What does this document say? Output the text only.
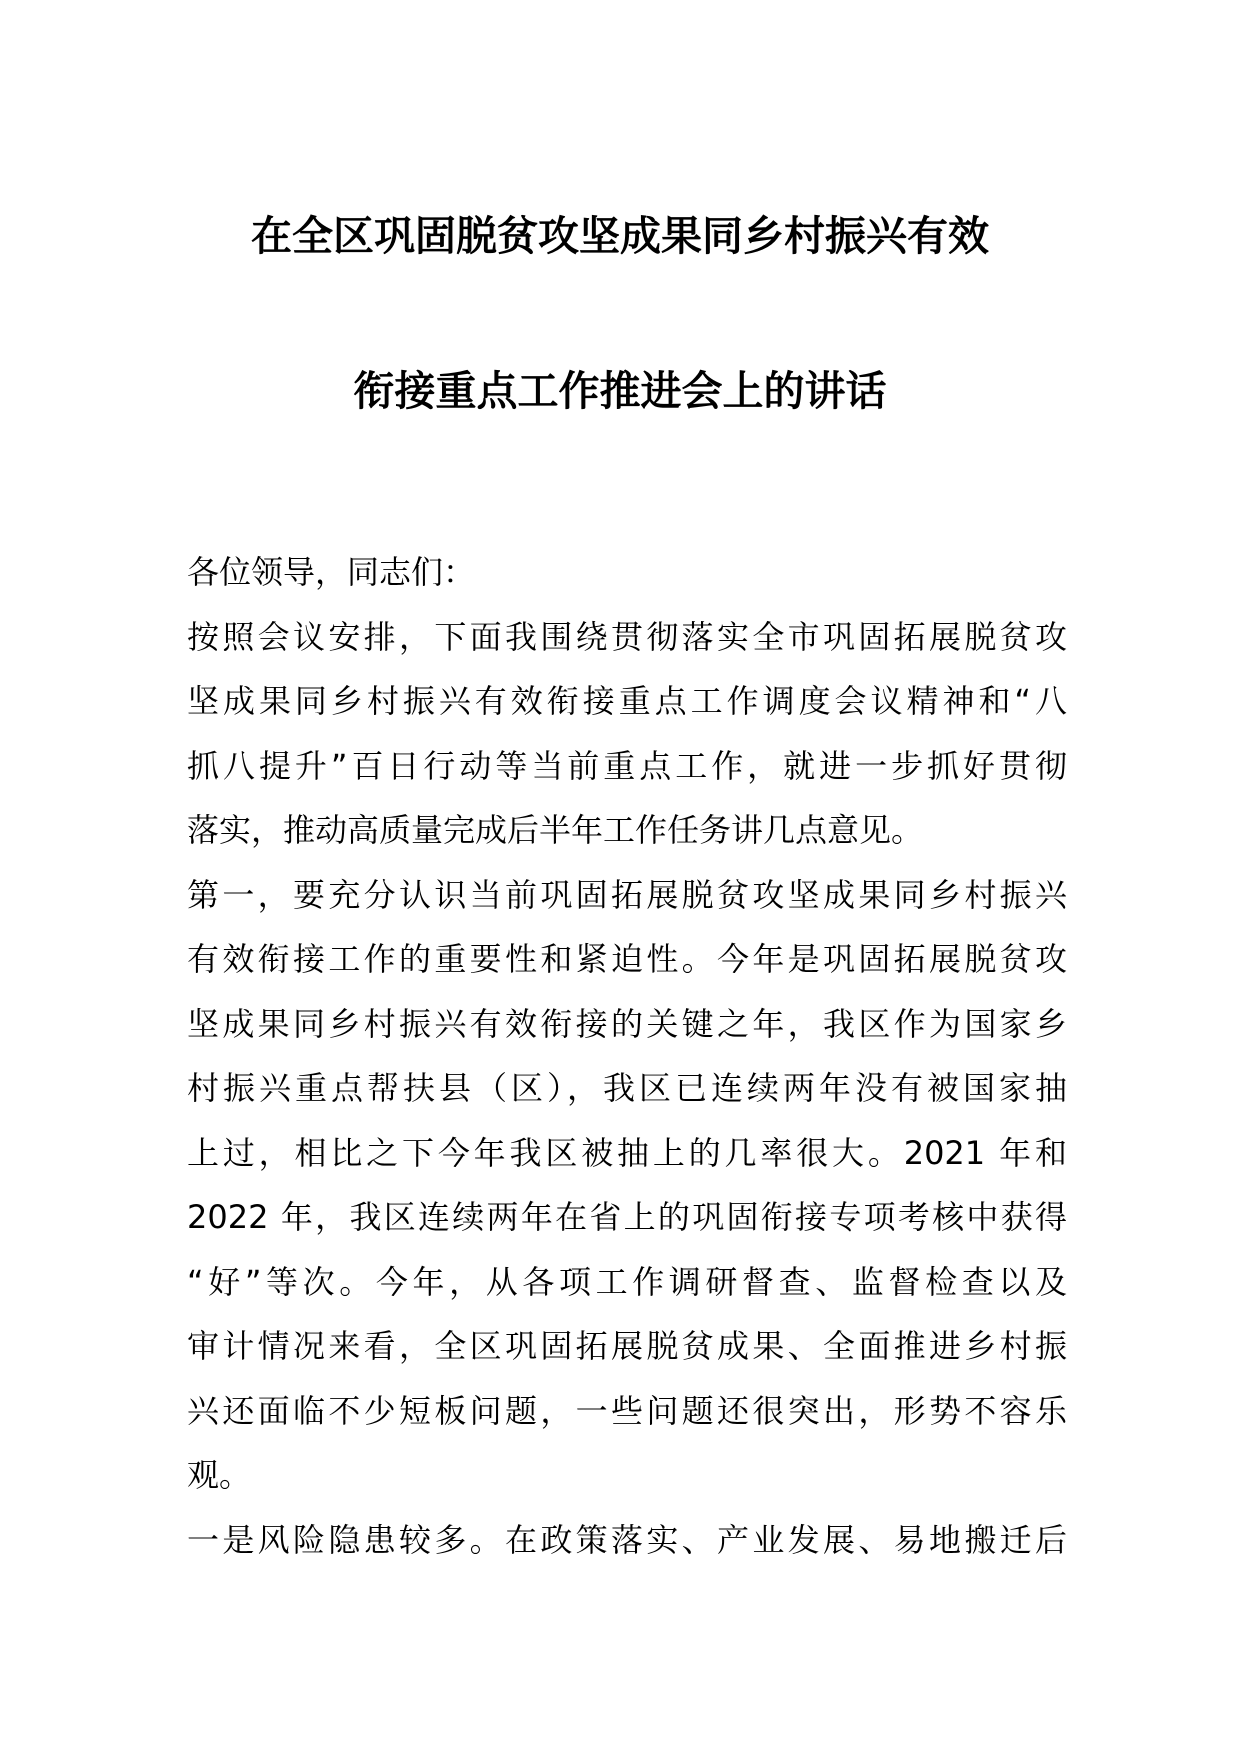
在全区巩固脱贫攻坚成果同乡村振兴有效
衔接重点工作推进会上的讲话
各位领导，同志们：
按照会议安排，下面我围绕贯彻落实全市巩固拓展脱贫攻
坚成果同乡村振兴有效衔接重点工作调度会议精神和“八
抓八提升”百日行动等当前重点工作，就进一步抓好贯彻
落实，推动高质量完成后半年工作任务讲几点意见。
第一，要充分认识当前巩固拓展脱贫攻坚成果同乡村振兴
有效衔接工作的重要性和紧迫性。今年是巩固拓展脱贫攻
坚成果同乡村振兴有效衔接的关键之年，我区作为国家乡
村振兴重点帮扶县（区），我区已连续两年没有被国家抽
上过，相比之下今年我区被抽上的几率很大。2021 年和
2022 年，我区连续两年在省上的巩固衔接专项考核中获得
“好”等次。今年，从各项工作调研督查、监督检查以及
审计情况来看，全区巩固拓展脱贫成果、全面推进乡村振
兴还面临不少短板问题，一些问题还很突出，形势不容乐
观。
一是风险隐患较多。在政策落实、产业发展、易地搬迁后
